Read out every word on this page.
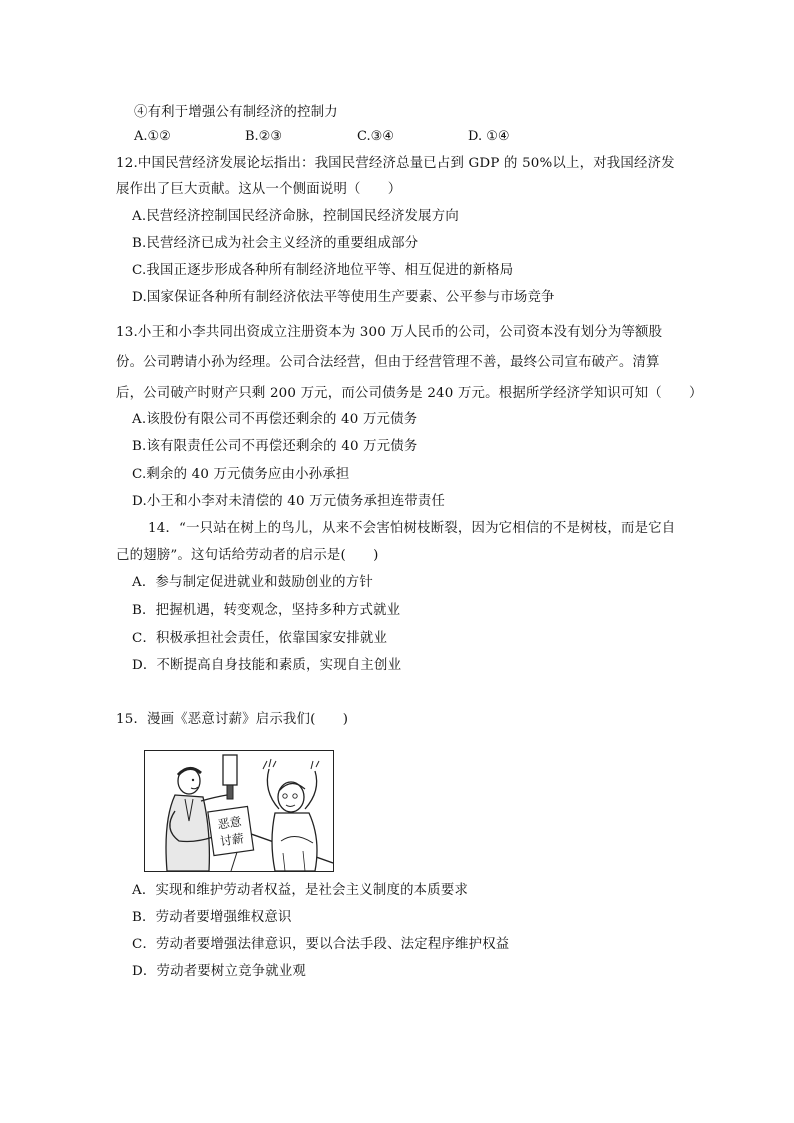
④有利于增强公有制经济的控制力
A.①②	B.②③	C.③④	D. ①④
12.中国民营经济发展论坛指出：我国民营经济总量已占到 GDP 的 50%以上，对我国经济发
展作出了巨大贡献。这从一个侧面说明（　　）
A.民营经济控制国民经济命脉，控制国民经济发展方向
B.民营经济已成为社会主义经济的重要组成部分
C.我国正逐步形成各种所有制经济地位平等、相互促进的新格局
D.国家保证各种所有制经济依法平等使用生产要素、公平参与市场竞争
13.小王和小李共同出资成立注册资本为 300 万人民币的公司，公司资本没有划分为等额股
份。公司聘请小孙为经理。公司合法经营，但由于经营管理不善，最终公司宣布破产。清算
后，公司破产时财产只剩 200 万元，而公司债务是 240 万元。根据所学经济学知识可知（　　）
A.该股份有限公司不再偿还剩余的 40 万元债务
B.该有限责任公司不再偿还剩余的 40 万元债务
C.剩余的 40 万元债务应由小孙承担
D.小王和小李对未清偿的 40 万元债务承担连带责任
14．“一只站在树上的鸟儿，从来不会害怕树枝断裂，因为它相信的不是树枝，而是它自
己的翅膀”。这句话给劳动者的启示是(　　)
A．参与制定促进就业和鼓励创业的方针
B．把握机遇，转变观念，坚持多种方式就业
C．积极承担社会责任，依靠国家安排就业
D．不断提高自身技能和素质，实现自主创业
15．漫画《恶意讨薪》启示我们(　　)
恶意
讨薪
A．实现和维护劳动者权益，是社会主义制度的本质要求
B．劳动者要增强维权意识
C．劳动者要增强法律意识，要以合法手段、法定程序维护权益
D．劳动者要树立竞争就业观
